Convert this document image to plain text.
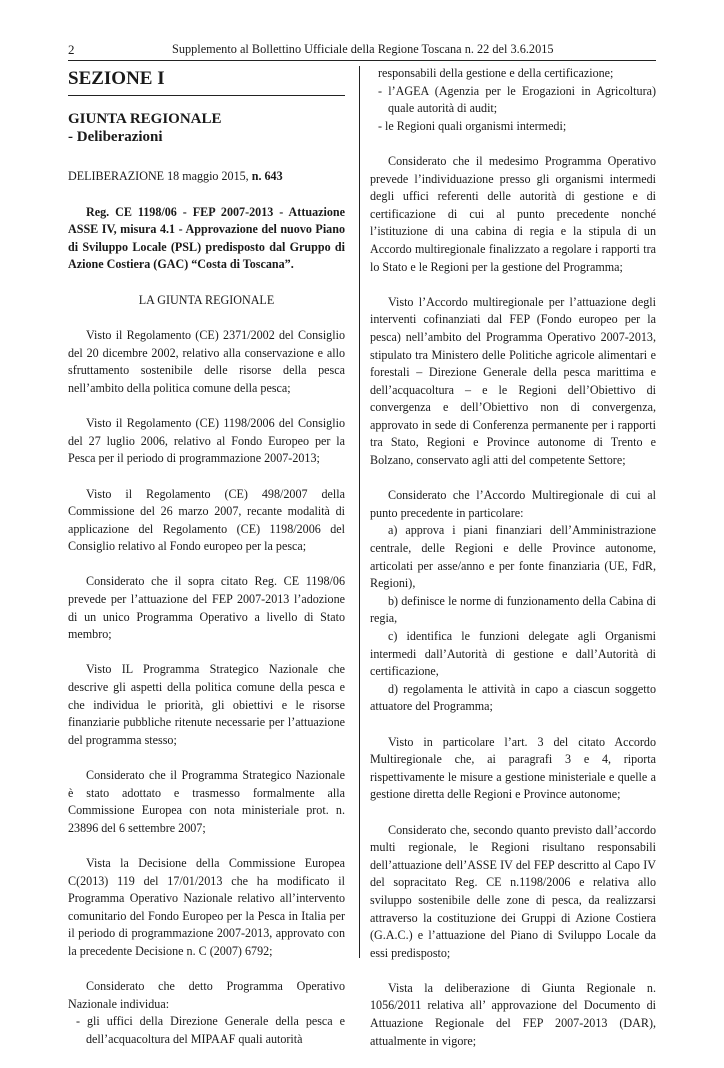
2	Supplemento al Bollettino Ufficiale della Regione Toscana n. 22 del 3.6.2015
SEZIONE I
GIUNTA REGIONALE
- Deliberazioni

DELIBERAZIONE 18 maggio 2015, n. 643

Reg. CE 1198/06 - FEP 2007-2013 - Attuazione ASSE IV, misura 4.1 - Approvazione del nuovo Piano di Sviluppo Locale (PSL) predisposto dal Gruppo di Azione Costiera (GAC) “Costa di Toscana”.

LA GIUNTA REGIONALE

Visto il Regolamento (CE) 2371/2002 del Consiglio del 20 dicembre 2002, relativo alla conservazione e allo sfruttamento sostenibile delle risorse della pesca nell’ambito della politica comune della pesca;

Visto il Regolamento (CE) 1198/2006 del Consiglio del 27 luglio 2006, relativo al Fondo Europeo per la Pesca per il periodo di programmazione 2007-2013;

Visto il Regolamento (CE) 498/2007 della Commissione del 26 marzo 2007, recante modalità di applicazione del Regolamento (CE) 1198/2006 del Consiglio relativo al Fondo europeo per la pesca;

Considerato che il sopra citato Reg. CE 1198/06 prevede per l’attuazione del FEP 2007-2013 l’adozione di un unico Programma Operativo a livello di Stato membro;

Visto IL Programma Strategico Nazionale che descrive gli aspetti della politica comune della pesca e che individua le priorità, gli obiettivi e le risorse finanziarie pubbliche ritenute necessarie per l’attuazione del programma stesso;

Considerato che il Programma Strategico Nazionale è stato adottato e trasmesso formalmente alla Commissione Europea con nota ministeriale prot. n. 23896 del 6 settembre 2007;

Vista la Decisione della Commissione Europea C(2013) 119 del 17/01/2013 che ha modificato il Programma Operativo Nazionale relativo all’intervento comunitario del Fondo Europeo per la Pesca in Italia per il periodo di programmazione 2007-2013, approvato con la precedente Decisione n. C (2007) 6792;

Considerato che detto Programma Operativo Nazionale individua:

- gli uffici della Direzione Generale della pesca e dell’acquacoltura del MIPAAF quali autorità

responsabili della gestione e della certificazione;

- l’AGEA (Agenzia per le Erogazioni in Agricoltura) quale autorità di audit;

- le Regioni quali organismi intermedi;

Considerato che il medesimo Programma Operativo prevede l’individuazione presso gli organismi intermedi degli uffici referenti delle autorità di gestione e di certificazione di cui al punto precedente nonché l’istituzione di una cabina di regia e la stipula di un Accordo multiregionale finalizzato a regolare i rapporti tra lo Stato e le Regioni per la gestione del Programma;

Visto l’Accordo multiregionale per l’attuazione degli interventi cofinanziati dal FEP (Fondo europeo per la pesca) nell’ambito del Programma Operativo 2007-2013, stipulato tra Ministero delle Politiche agricole alimentari e forestali – Direzione Generale della pesca marittima e dell’acquacoltura – e le Regioni dell’Obiettivo di convergenza e dell’Obiettivo non di convergenza, approvato in sede di Conferenza permanente per i rapporti tra Stato, Regioni e Province autonome di Trento e Bolzano, conservato agli atti del competente Settore;

Considerato che l’Accordo Multiregionale di cui al punto precedente in particolare:

a) approva i piani finanziari dell’Amministrazione centrale, delle Regioni e delle Province autonome, articolati per asse/anno e per fonte finanziaria (UE, FdR, Regioni),

b) definisce le norme di funzionamento della Cabina di regia,

c) identifica le funzioni delegate agli Organismi intermedi dall’Autorità di gestione e dall’Autorità di certificazione,

d) regolamenta le attività in capo a ciascun soggetto attuatore del Programma;

Visto in particolare l’art. 3 del citato Accordo Multiregionale che, ai paragrafi 3 e 4, riporta rispettivamente le misure a gestione ministeriale e quelle a gestione diretta delle Regioni e Province autonome;

Considerato che, secondo quanto previsto dall’accordo multi regionale, le Regioni risultano responsabili dell’attuazione dell’ASSE IV del FEP descritto al Capo IV del sopracitato Reg. CE n.1198/2006 e relativa allo sviluppo sostenibile delle zone di pesca, da realizzarsi attraverso la costituzione dei Gruppi di Azione Costiera (G.A.C.) e l’attuazione del Piano di Sviluppo Locale da essi predisposto;

Vista la deliberazione di Giunta Regionale n. 1056/2011 relativa all’ approvazione del Documento di Attuazione Regionale del FEP 2007-2013 (DAR), attualmente in vigore;
